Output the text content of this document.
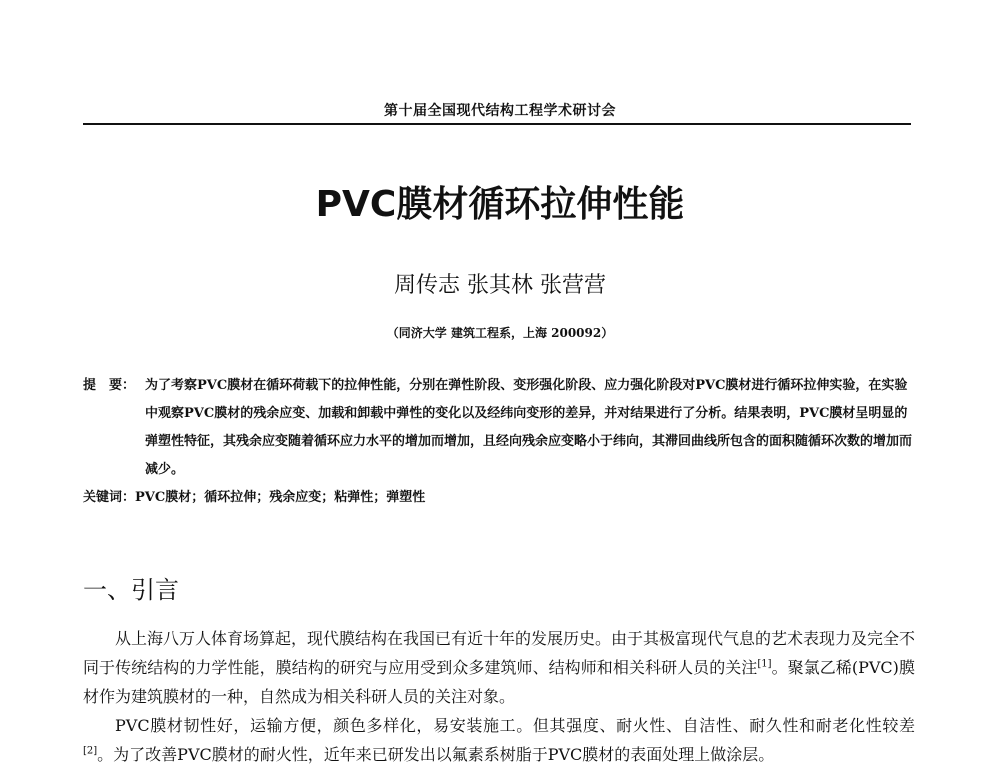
第十届全国现代结构工程学术研讨会
PVC膜材循环拉伸性能
周传志 张其林 张营营
（同济大学 建筑工程系，上海 200092）
提　要： 为了考察PVC膜材在循环荷载下的拉伸性能，分别在弹性阶段、变形强化阶段、应力强化阶段对PVC膜材进行循环拉伸实验，在实验中观察PVC膜材的残余应变、加载和卸载中弹性的变化以及经纬向变形的差异，并对结果进行了分析。结果表明，PVC膜材呈明显的弹塑性特征，其残余应变随着循环应力水平的增加而增加，且经向残余应变略小于纬向，其滞回曲线所包含的面积随循环次数的增加而减少。
关键词：PVC膜材；循环拉伸；残余应变；粘弹性；弹塑性
一、引言

从上海八万人体育场算起，现代膜结构在我国已有近十年的发展历史。由于其极富现代气息的艺术表现力及完全不同于传统结构的力学性能，膜结构的研究与应用受到众多建筑师、结构师和相关科研人员的关注[1]。聚氯乙稀(PVC)膜材作为建筑膜材的一种，自然成为相关科研人员的关注对象。

PVC膜材韧性好，运输方便，颜色多样化，易安装施工。但其强度、耐火性、自洁性、耐久性和耐老化性较差[2]。为了改善PVC膜材的耐火性，近年来已研发出以氟素系树脂于PVC膜材的表面处理上做涂层。
